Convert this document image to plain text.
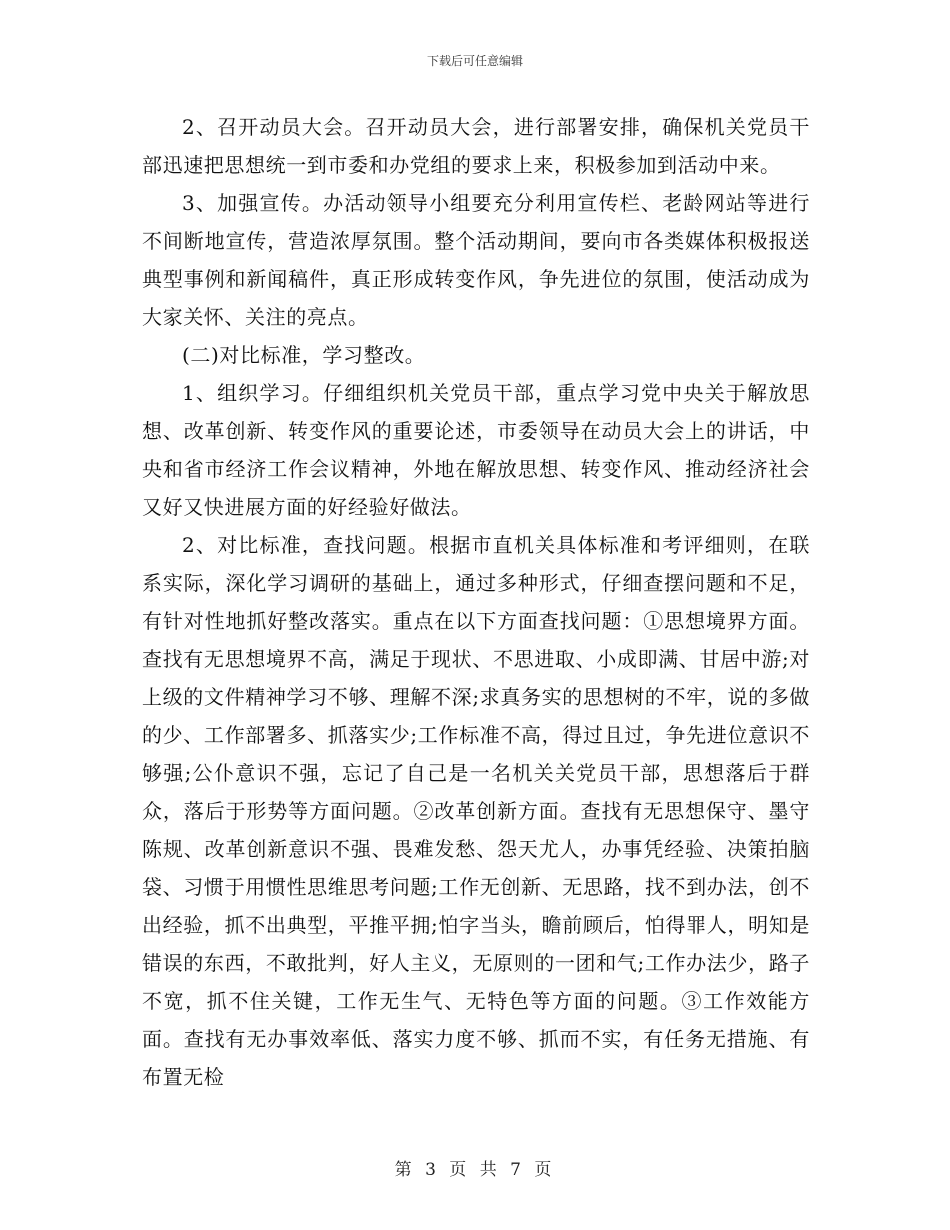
下载后可任意编辑

2、召开动员大会。召开动员大会，进行部署安排，确保机关党员干部迅速把思想统一到市委和办党组的要求上来，积极参加到活动中来。

3、加强宣传。办活动领导小组要充分利用宣传栏、老龄网站等进行不间断地宣传，营造浓厚氛围。整个活动期间，要向市各类媒体积极报送典型事例和新闻稿件，真正形成转变作风，争先进位的氛围，使活动成为大家关怀、关注的亮点。

(二)对比标准，学习整改。

1、组织学习。仔细组织机关党员干部，重点学习党中央关于解放思想、改革创新、转变作风的重要论述，市委领导在动员大会上的讲话，中央和省市经济工作会议精神，外地在解放思想、转变作风、推动经济社会又好又快进展方面的好经验好做法。

2、对比标准，查找问题。根据市直机关具体标准和考评细则，在联系实际，深化学习调研的基础上，通过多种形式，仔细查摆问题和不足，有针对性地抓好整改落实。重点在以下方面查找问题：①思想境界方面。查找有无思想境界不高，满足于现状、不思进取、小成即满、甘居中游;对上级的文件精神学习不够、理解不深;求真务实的思想树的不牢，说的多做的少、工作部署多、抓落实少;工作标准不高，得过且过，争先进位意识不够强;公仆意识不强，忘记了自己是一名机关关党员干部，思想落后于群众，落后于形势等方面问题。②改革创新方面。查找有无思想保守、墨守陈规、改革创新意识不强、畏难发愁、怨天尤人，办事凭经验、决策拍脑袋、习惯于用惯性思维思考问题;工作无创新、无思路，找不到办法，创不出经验，抓不出典型，平推平拥;怕字当头，瞻前顾后，怕得罪人，明知是错误的东西，不敢批判，好人主义，无原则的一团和气;工作办法少，路子不宽，抓不住关键，工作无生气、无特色等方面的问题。③工作效能方面。查找有无办事效率低、落实力度不够、抓而不实，有任务无措施、有布置无检

第 3 页 共 7 页
